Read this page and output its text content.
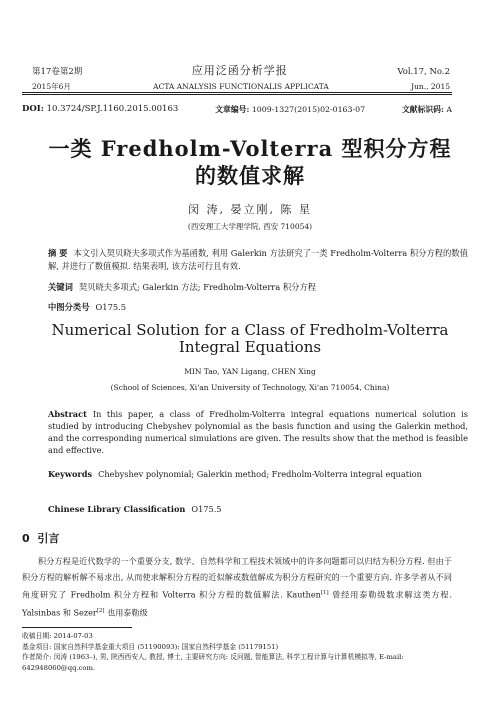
第17卷第2期	应用泛函分析学报	Vol.17, No.2
2015年6月	ACTA ANALYSIS FUNCTIONALIS APPLICATA	Jun., 2015
DOI: 10.3724/SP.J.1160.2015.00163	文章编号: 1009-1327(2015)02-0163-07	文献标识码: A
一类 Fredholm-Volterra 型积分方程
的数值求解
闵 涛, 晏立刚, 陈 星
(西安理工大学理学院, 西安 710054)
摘 要 本文引入契贝晓夫多项式作为基函数, 利用 Galerkin 方法研究了一类 Fredholm-Volterra 积分方程的数值解, 并进行了数值模拟. 结果表明, 该方法可行且有效.
关键词 契贝晓夫多项式; Galerkin 方法; Fredholm-Volterra 积分方程
中图分类号 O175.5
Numerical Solution for a Class of Fredholm-Volterra
Integral Equations
MIN Tao, YAN Ligang, CHEN Xing
(School of Sciences, Xi'an University of Technology, Xi'an 710054, China)
Abstract In this paper, a class of Fredholm-Volterra integral equations numerical solution is studied by introducing Chebyshev polynomial as the basis function and using the Galerkin method, and the corresponding numerical simulations are given. The results show that the method is feasible and effective.
Keywords Chebyshev polynomial; Galerkin method; Fredholm-Volterra integral equation
Chinese Library Classification O175.5
0 引言
积分方程是近代数学的一个重要分支, 数学、自然科学和工程技术领域中的许多问题都可以归结为积分方程. 但由于积分方程的解析解不易求出, 从而使求解积分方程的近似解或数值解成为积分方程研究的一个重要方向. 许多学者从不同角度研究了 Fredholm 积分方程和 Volterra 积分方程的数值解法. Kauthen[1] 曾经用泰勒级数求解这类方程. Yalsinbas 和 Sezer[2] 也用泰勒级
收稿日期: 2014-07-03
基金项目: 国家自然科学基金重大项目 (51190093); 国家自然科学基金 (51179151)
作者简介: 闵涛 (1963–), 男, 陕西西安人, 教授, 博士, 主要研究方向: 反问题, 智能算法, 科学工程计算与计算机模拟等, E-mail: 642948060@qq.com.
